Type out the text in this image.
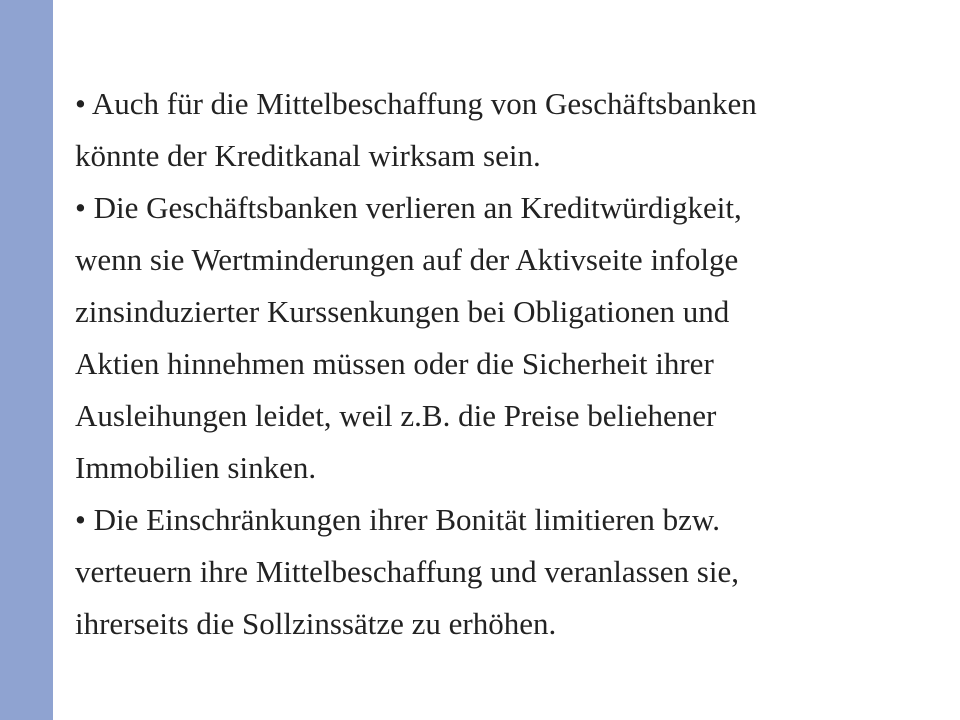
• Auch für die Mittelbeschaffung von Geschäftsbanken
könnte der Kreditkanal wirksam sein.
• Die Geschäftsbanken verlieren an Kreditwürdigkeit,
wenn sie Wertminderungen auf der Aktivseite infolge
zinsinduzierter Kurssenkungen bei Obligationen und
Aktien hinnehmen müssen oder die Sicherheit ihrer
Ausleihungen leidet, weil z.B. die Preise beliehener
Immobilien sinken.
• Die Einschränkungen ihrer Bonität limitieren bzw.
verteuern ihre Mittelbeschaffung und veranlassen sie,
ihrerseits die Sollzinssätze zu erhöhen.
